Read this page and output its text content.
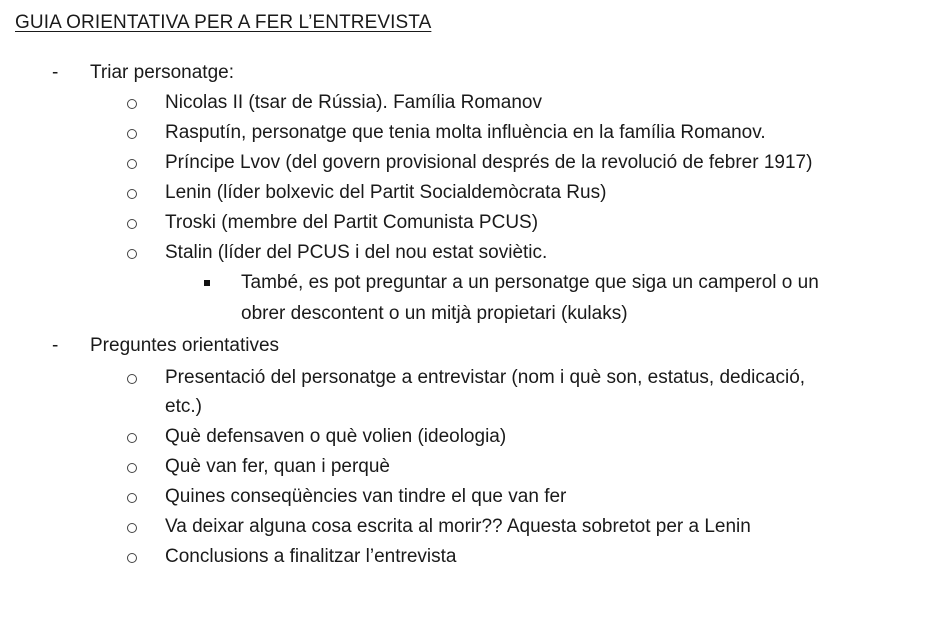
GUIA ORIENTATIVA PER A FER L’ENTREVISTA
- Triar personatge:
Nicolas II (tsar de Rússia). Família Romanov
Rasputín, personatge que tenia molta influència en la família Romanov.
Príncipe Lvov (del govern provisional després de la revolució de febrer 1917)
Lenin (líder bolxevic del Partit Socialdemòcrata Rus)
Troski (membre del Partit Comunista PCUS)
Stalin (líder del PCUS i del nou estat soviètic.
També, es pot preguntar a un personatge que siga un camperol o un
obrer descontent o un mitjà propietari (kulaks)
- Preguntes orientatives
Presentació del personatge a entrevistar (nom i què son, estatus, dedicació,
etc.)
Què defensaven o què volien (ideologia)
Què van fer, quan i perquè
Quines conseqüències van tindre el que van fer
Va deixar alguna cosa escrita al morir?? Aquesta sobretot per a Lenin
Conclusions a finalitzar l’entrevista
